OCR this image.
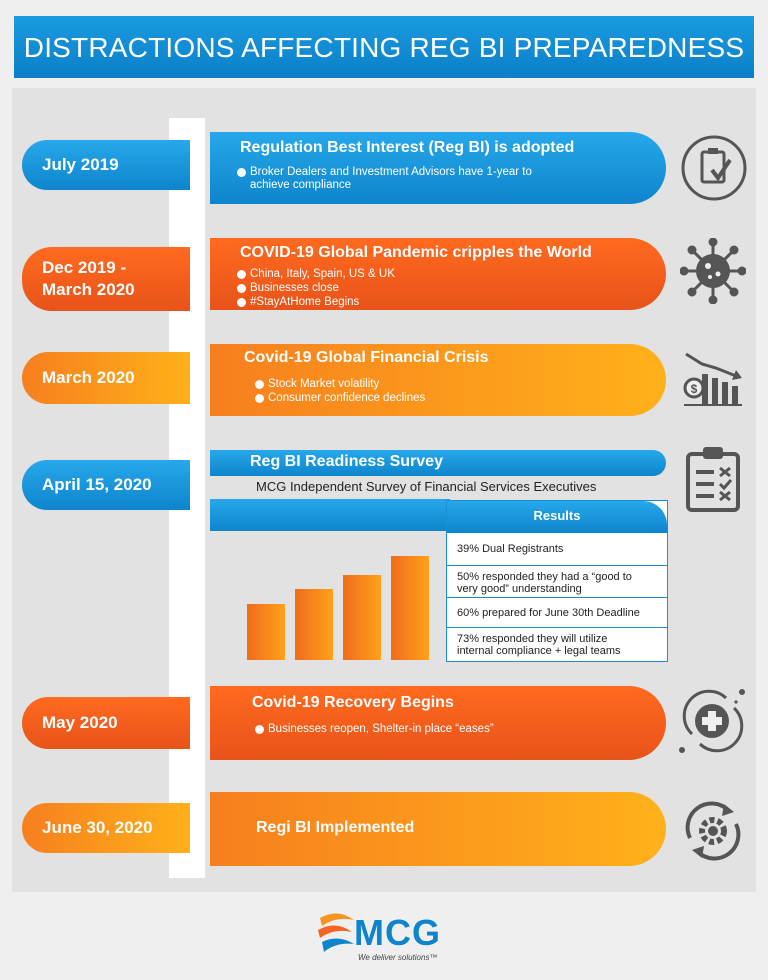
DISTRACTIONS AFFECTING REG BI PREPAREDNESS
July 2019
Regulation Best Interest (Reg BI) is adopted
Broker Dealers and Investment Advisors have 1-year to achieve compliance
Dec 2019 -
March 2020
COVID-19 Global Pandemic cripples the World
China, Italy, Spain, US & UK
Businesses close
#StayAtHome Begins
March 2020
Covid-19 Global Financial Crisis
Stock Market volatility
Consumer confidence declines
$
April 15, 2020
Reg BI Readiness Survey
MCG Independent Survey of Financial Services Executives
Results
39% Dual Registrants
50% responded they had a “good to
very good” understanding
60% prepared for June 30th Deadline
73% responded they will utilize
internal compliance + legal teams
May 2020
Covid-19 Recovery Begins
Businesses reopen, Shelter-in place “eases”
June 30, 2020	Regi BI Implemented
MCG
We deliver solutions™
